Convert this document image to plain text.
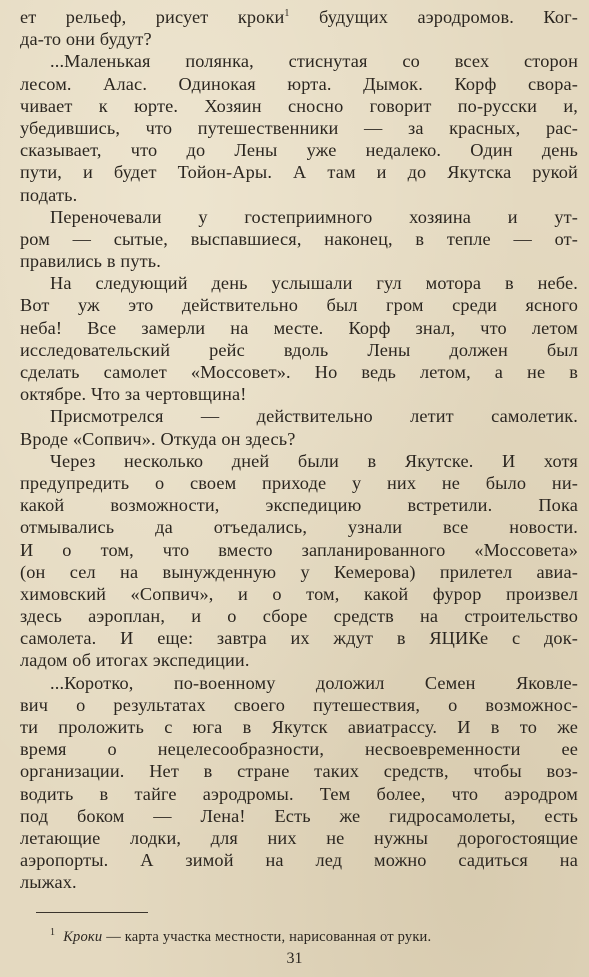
ет рельеф, рисует кроки$^1$ будущих аэродромов. Ког-
да-то они будут?
...Маленькая полянка, стиснутая со всех сторон
лесом. Алас. Одинокая юрта. Дымок. Корф свора-
чивает к юрте. Хозяин сносно говорит по-русски и,
убедившись, что путешественники — за красных, рас-
сказывает, что до Лены уже недалеко. Один день
пути, и будет Тойон-Ары. А там и до Якутска рукой
подать.
Переночевали у гостеприимного хозяина и ут-
ром — сытые, выспавшиеся, наконец, в тепле — от-
правились в путь.
На следующий день услышали гул мотора в небе.
Вот уж это действительно был гром среди ясного
неба! Все замерли на месте. Корф знал, что летом
исследовательский рейс вдоль Лены должен был
сделать самолет «Моссовет». Но ведь летом, а не в
октябре. Что за чертовщина!
Присмотрелся — действительно летит самолетик.
Вроде «Сопвич». Откуда он здесь?
Через несколько дней были в Якутске. И хотя
предупредить о своем приходе у них не было ни-
какой возможности, экспедицию встретили. Пока
отмывались да отъедались, узнали все новости.
И о том, что вместо запланированного «Моссовета»
(он сел на вынужденную у Кемерова) прилетел авиа-
химовский «Сопвич», и о том, какой фурор произвел
здесь аэроплан, и о сборе средств на строительство
самолета. И еще: завтра их ждут в ЯЦИКе с док-
ладом об итогах экспедиции.
...Коротко, по-военному доложил Семен Яковле-
вич о результатах своего путешествия, о возможнос-
ти проложить с юга в Якутск авиатрассу. И в то же
время о нецелесообразности, несвоевременности ее
организации. Нет в стране таких средств, чтобы воз-
водить в тайге аэродромы. Тем более, что аэродром
под боком — Лена! Есть же гидросамолеты, есть
летающие лодки, для них не нужны дорогостоящие
аэропорты. А зимой на лед можно садиться на
лыжах.
$^1$ Кроки — карта участка местности, нарисованная от руки.
31
